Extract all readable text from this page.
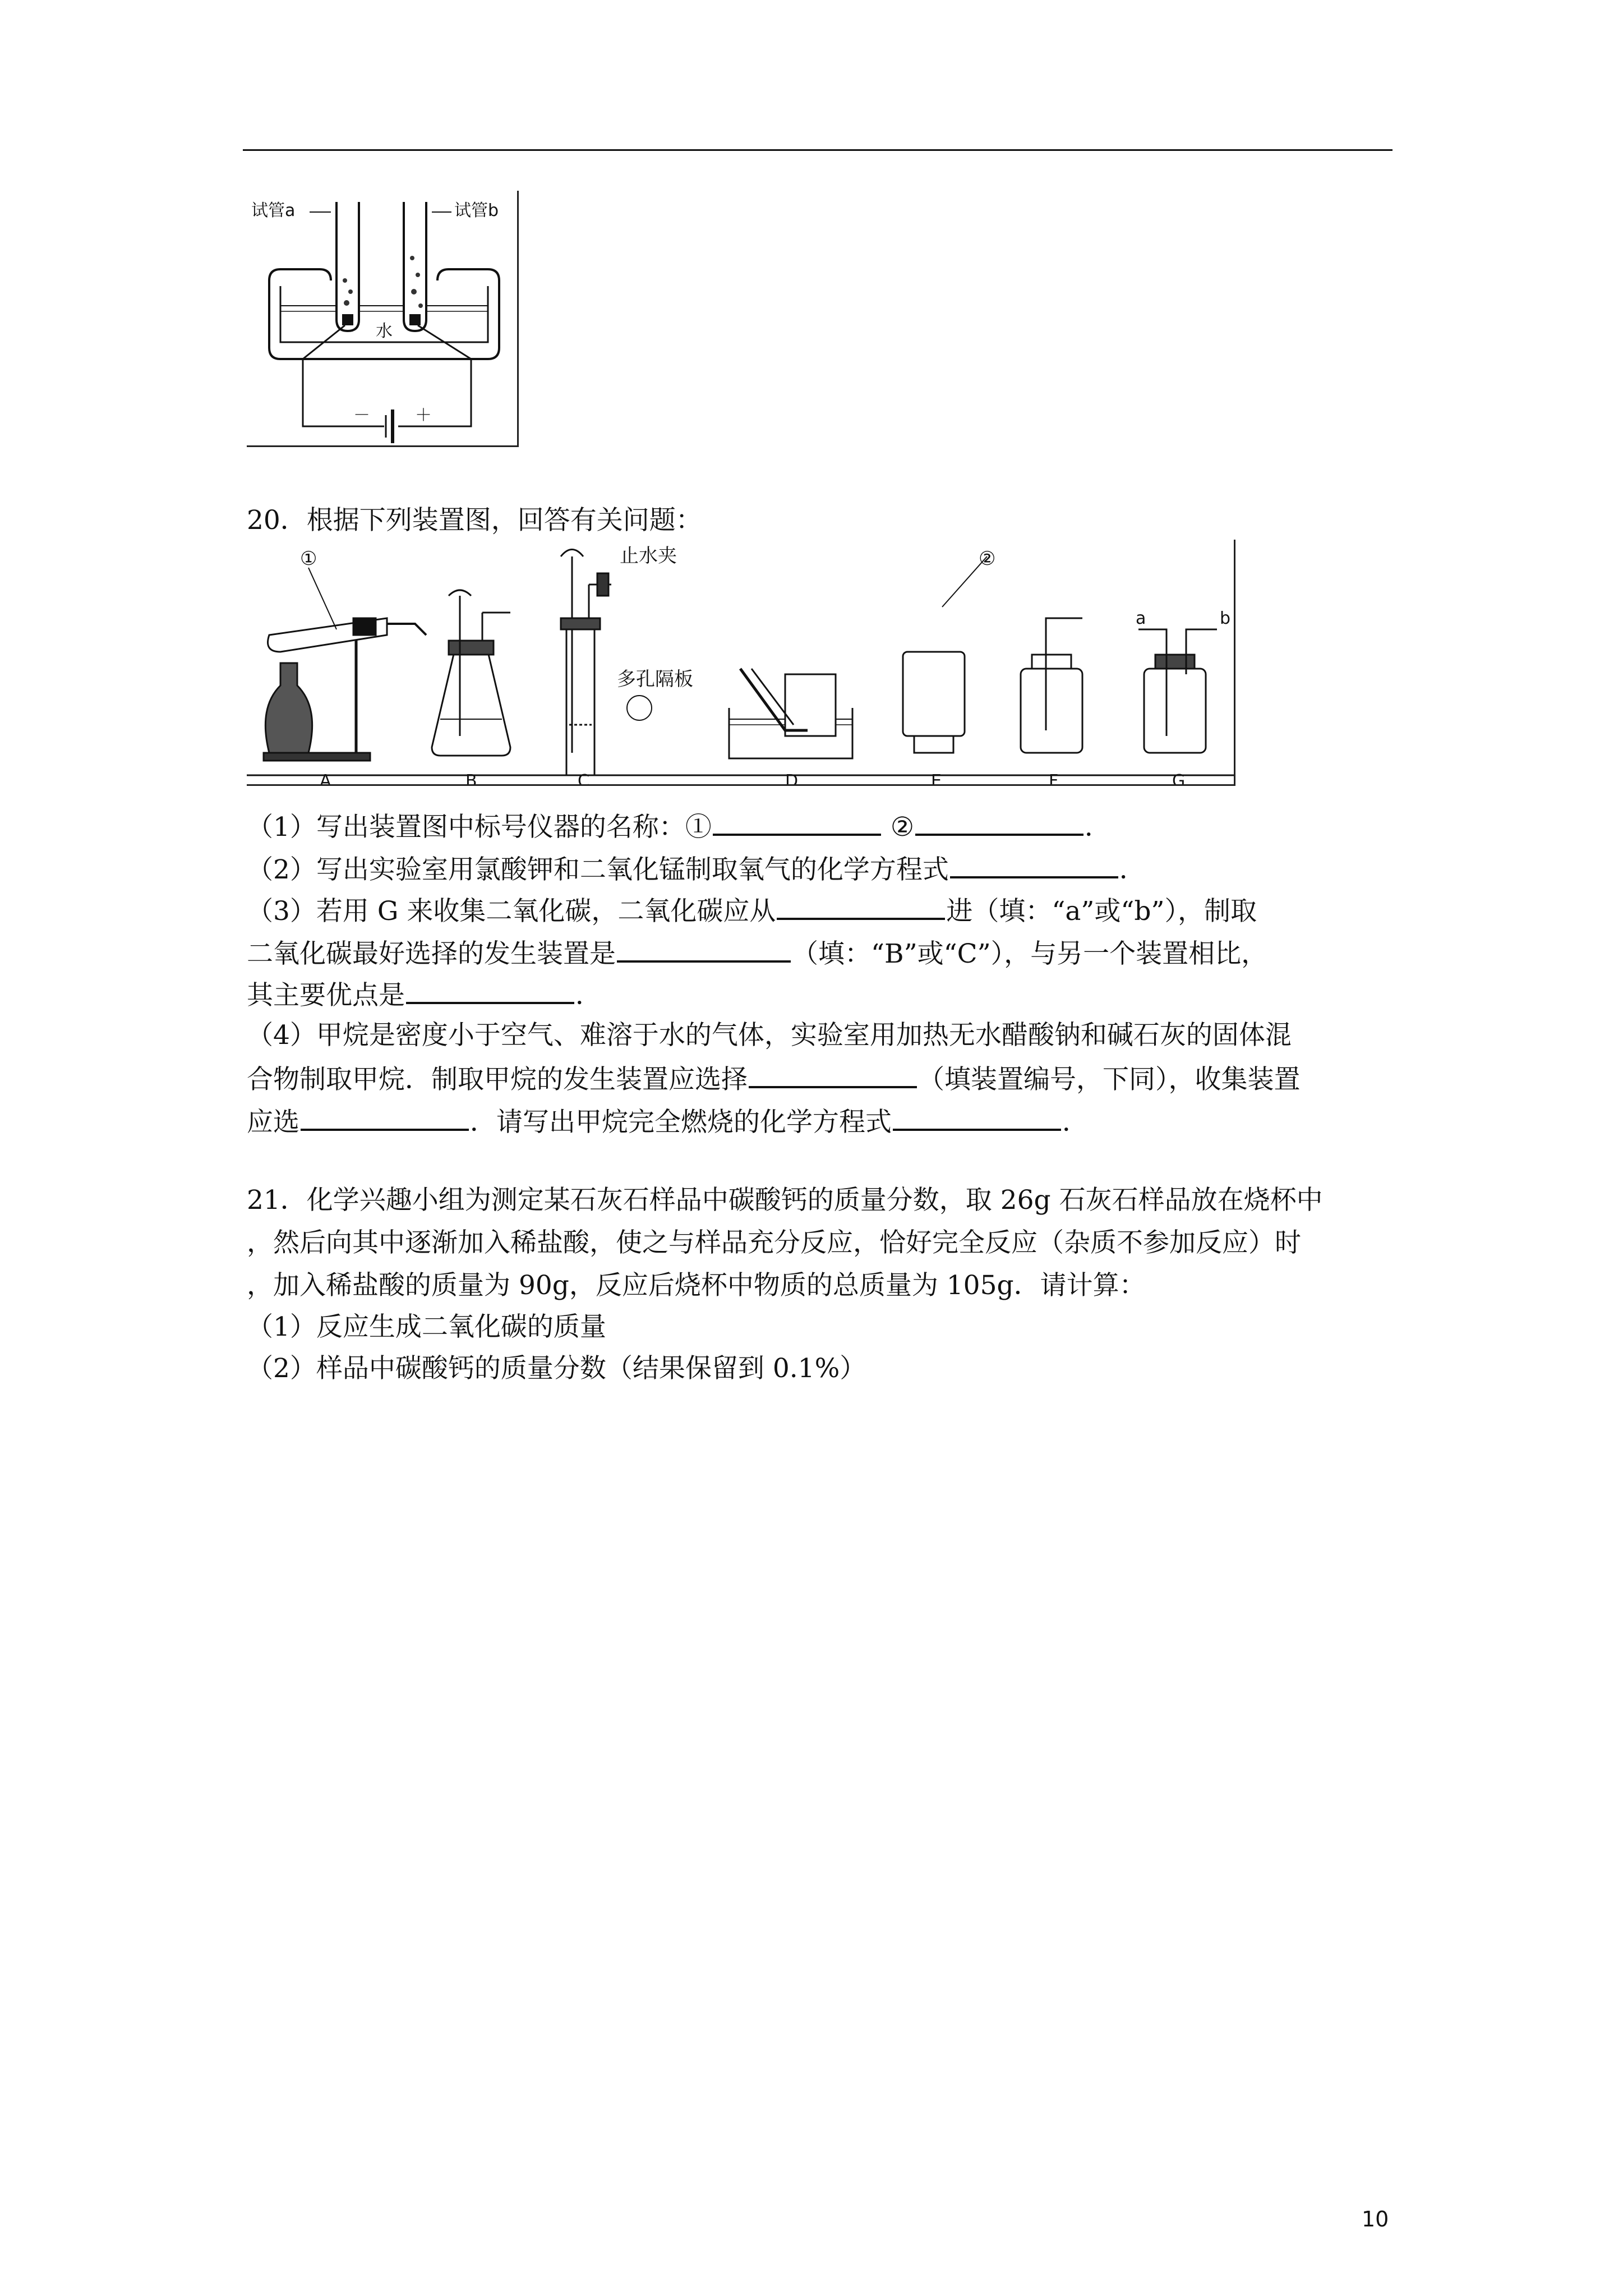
试管a	试管b
水
－	＋
20．根据下列装置图，回答有关问题：
①	止水夹
多孔隔板
②
a	b
A	B	C	D	E	F	G
（1）写出装置图中标号仪器的名称：①	②	．
（2）写出实验室用氯酸钾和二氧化锰制取氧气的化学方程式	．
（3）若用 G 来收集二氧化碳，二氧化碳应从	进（填：“a”或“b”），制取
二氧化碳最好选择的发生装置是	（填：“B”或“C”），与另一个装置相比，
其主要优点是	．
（4）甲烷是密度小于空气、难溶于水的气体，实验室用加热无水醋酸钠和碱石灰的固体混
合物制取甲烷．制取甲烷的发生装置应选择	（填装置编号，下同），收集装置
应选	．请写出甲烷完全燃烧的化学方程式	．
21．化学兴趣小组为测定某石灰石样品中碳酸钙的质量分数，取 26g 石灰石样品放在烧杯中
，然后向其中逐渐加入稀盐酸，使之与样品充分反应，恰好完全反应（杂质不参加反应）时
，加入稀盐酸的质量为 90g，反应后烧杯中物质的总质量为 105g．请计算：
（1）反应生成二氧化碳的质量
（2）样品中碳酸钙的质量分数（结果保留到 0.1%）
10
